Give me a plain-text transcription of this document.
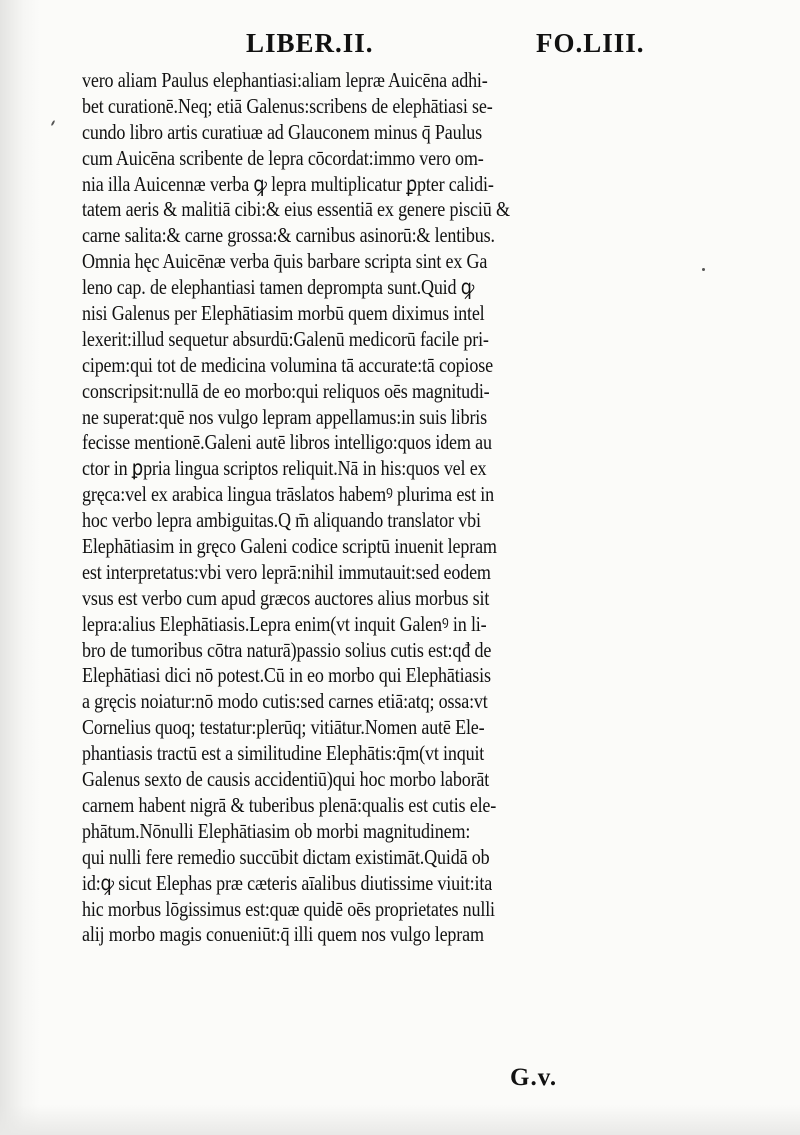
LIBER.II.	FO.LIII.
vero aliam Paulus elephantiasi:aliam lepræ Auicēna adhi-
bet curationē.Neq; etiā Galenus:scribens de elephātiasi se-
cundo libro artis curatiuæ ad Glauconem minus q̄ Paulus
cum Auicēna scribente de lepra cōcordat:immo vero om-
nia illa Auicennæ verba ꝙ lepra multiplicatur ꝑpter calidi-
tatem aeris & malitiā cibi:& eius essentiā ex genere pisciū &
carne salita:& carne grossa:& carnibus asinorū:& lentibus.
Omnia hęc Auicēnæ verba q̄uis barbare scripta sint ex Ga
leno cap. de elephantiasi tamen deprompta sunt.Quid ꝙ
nisi Galenus per Elephātiasim morbū quem diximus intel
lexerit:illud sequetur absurdū:Galenū medicorū facile pri-
cipem:qui tot de medicina volumina tā accurate:tā copiose
conscripsit:nullā de eo morbo:qui reliquos oēs magnitudi-
ne superat:quē nos vulgo lepram appellamus:in suis libris
fecisse mentionē.Galeni autē libros intelligo:quos idem au
ctor in ꝑpria lingua scriptos reliquit.Nā in his:quos vel ex
gręca:vel ex arabica lingua trāslatos habemꝰ plurima est in
hoc verbo lepra ambiguitas.Q m̄ aliquando translator vbi
Elephātiasim in gręco Galeni codice scriptū inuenit lepram
est interpretatus:vbi vero leprā:nihil immutauit:sed eodem
vsus est verbo cum apud græcos auctores alius morbus sit
lepra:alius Elephātiasis.Lepra enim(vt inquit Galenꝰ in li-
bro de tumoribus cōtra naturā)passio solius cutis est:qđ de
Elephātiasi dici nō potest.Cū in eo morbo qui Elephātiasis
a gręcis noiatur:nō modo cutis:sed carnes etiā:atq; ossa:vt
Cornelius quoq; testatur:plerūq; vitiātur.Nomen autē Ele-
phantiasis tractū est a similitudine Elephātis:q̄m(vt inquit
Galenus sexto de causis accidentiū)qui hoc morbo laborāt
carnem habent nigrā & tuberibus plenā:qualis est cutis ele-
phātum.Nōnulli Elephātiasim ob morbi magnitudinem:
qui nulli fere remedio succūbit dictam existimāt.Quidā ob
id:ꝙ sicut Elephas præ cæteris aīalibus diutissime viuit:ita
hic morbus lōgissimus est:quæ quidē oēs proprietates nulli
alij morbo magis conueniūt:q̄ illi quem nos vulgo lepram
G.v.
